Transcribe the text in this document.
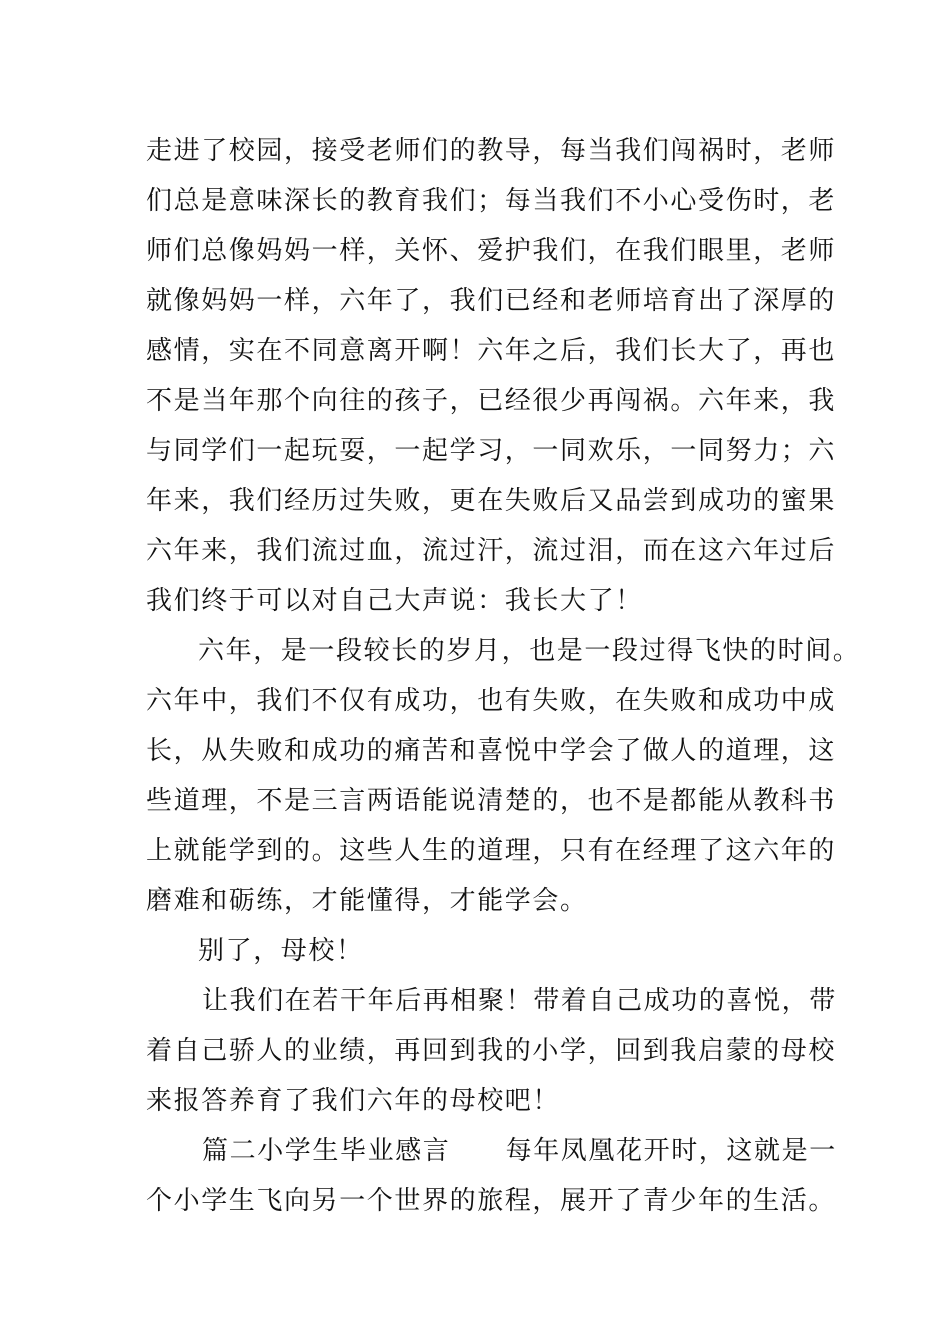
走进了校园，接受老师们的教导，每当我们闯祸时，老师
们总是意味深长的教育我们；每当我们不小心受伤时，老
师们总像妈妈一样，关怀、爱护我们，在我们眼里，老师
就像妈妈一样，六年了，我们已经和老师培育出了深厚的
感情，实在不同意离开啊！六年之后，我们长大了，再也
不是当年那个向往的孩子，已经很少再闯祸。六年来，我
与同学们一起玩耍，一起学习，一同欢乐，一同努力；六
年来，我们经历过失败，更在失败后又品尝到成功的蜜果
六年来，我们流过血，流过汗，流过泪，而在这六年过后
我们终于可以对自己大声说：我长大了！
六年，是一段较长的岁月，也是一段过得飞快的时间。
六年中，我们不仅有成功，也有失败，在失败和成功中成
长，从失败和成功的痛苦和喜悦中学会了做人的道理，这
些道理，不是三言两语能说清楚的，也不是都能从教科书
上就能学到的。这些人生的道理，只有在经理了这六年的
磨难和砺练，才能懂得，才能学会。
别了，母校！
让我们在若干年后再相聚！带着自己成功的喜悦，带
着自己骄人的业绩，再回到我的小学，回到我启蒙的母校
来报答养育了我们六年的母校吧！
篇二小学生毕业感言　　每年凤凰花开时，这就是一
个小学生飞向另一个世界的旅程，展开了青少年的生活。
